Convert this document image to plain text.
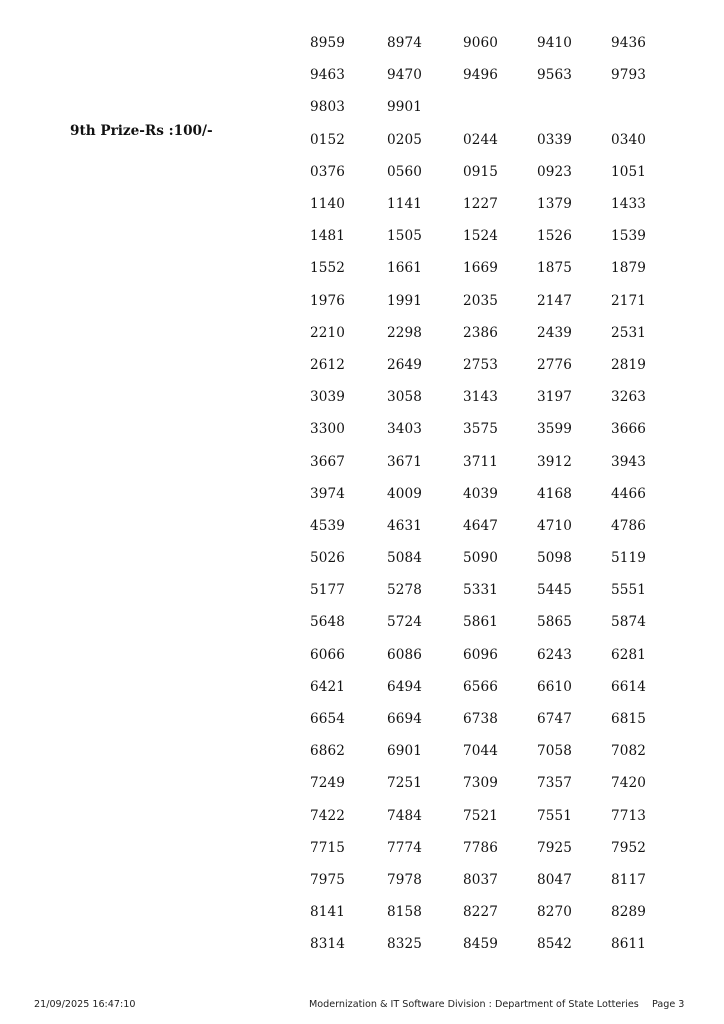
9th Prize-Rs :100/-
8959	8974	9060	9410	9436
9463	9470	9496	9563	9793
9803	9901
0152	0205	0244	0339	0340
0376	0560	0915	0923	1051
1140	1141	1227	1379	1433
1481	1505	1524	1526	1539
1552	1661	1669	1875	1879
1976	1991	2035	2147	2171
2210	2298	2386	2439	2531
2612	2649	2753	2776	2819
3039	3058	3143	3197	3263
3300	3403	3575	3599	3666
3667	3671	3711	3912	3943
3974	4009	4039	4168	4466
4539	4631	4647	4710	4786
5026	5084	5090	5098	5119
5177	5278	5331	5445	5551
5648	5724	5861	5865	5874
6066	6086	6096	6243	6281
6421	6494	6566	6610	6614
6654	6694	6738	6747	6815
6862	6901	7044	7058	7082
7249	7251	7309	7357	7420
7422	7484	7521	7551	7713
7715	7774	7786	7925	7952
7975	7978	8037	8047	8117
8141	8158	8227	8270	8289
8314	8325	8459	8542	8611
21/09/2025 16:47:10	Modernization & IT Software Division : Department of State Lotteries Page 3
